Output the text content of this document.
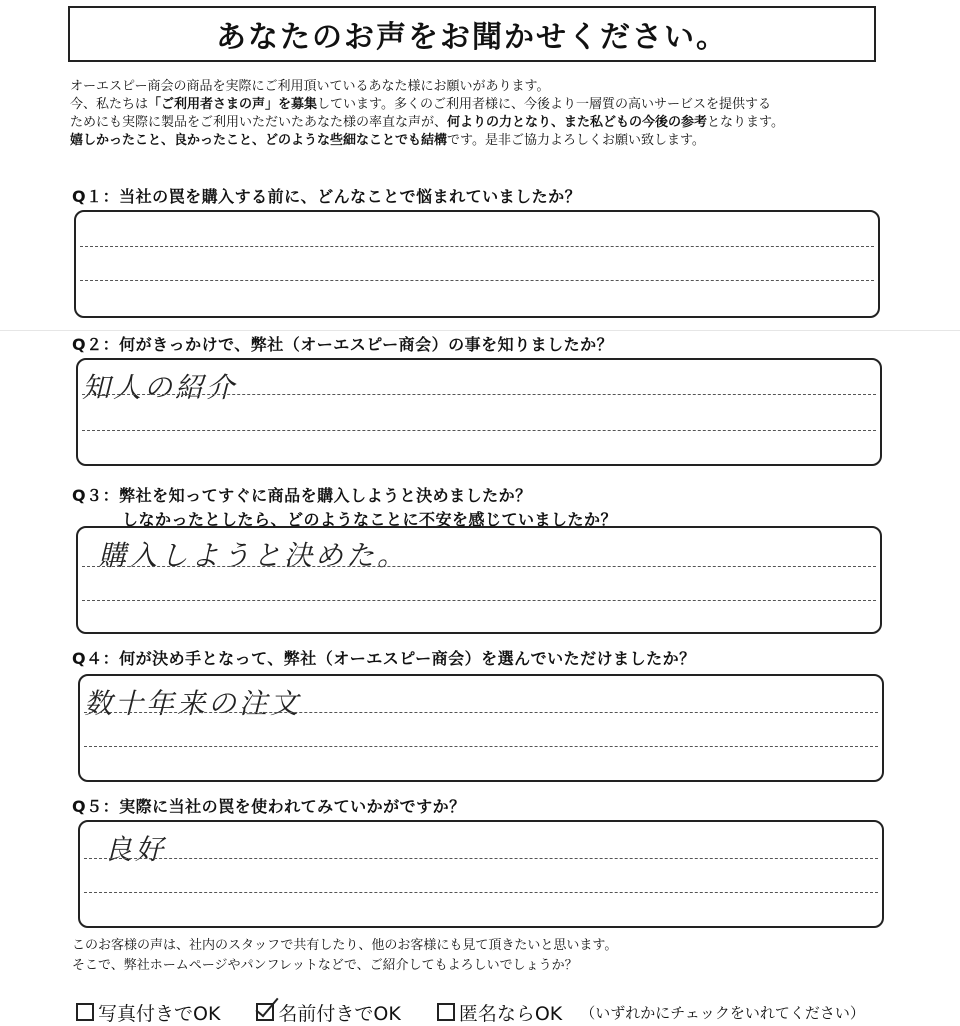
あなたのお声をお聞かせください。
オーエスピー商会の商品を実際にご利用頂いているあなた様にお願いがあります。
今、私たちは「ご利用者さまの声」を募集しています。多くのご利用者様に、今後より一層質の高いサービスを提供する
ためにも実際に製品をご利用いただいたあなた様の率直な声が、何よりの力となり、また私どもの今後の参考となります。
嬉しかったこと、良かったこと、どのような些細なことでも結構です。是非ご協力よろしくお願い致します。
Q１：当社の罠を購入する前に、どんなことで悩まれていましたか？
Q２：何がきっかけで、弊社（オーエスピー商会）の事を知りましたか？
知人の紹介
Q３：弊社を知ってすぐに商品を購入しようと決めましたか？
しなかったとしたら、どのようなことに不安を感じていましたか？
購入しようと決めた。
Q４：何が決め手となって、弊社（オーエスピー商会）を選んでいただけましたか？
数十年来の注文
Q５：実際に当社の罠を使われてみていかがですか？
良好
このお客様の声は、社内のスタッフで共有したり、他のお客様にも見て頂きたいと思います。
そこで、弊社ホームページやパンフレットなどで、ご紹介してもよろしいでしょうか？
写真付きでOK	名前付きでOK	匿名ならOK （いずれかにチェックをいれてください）
